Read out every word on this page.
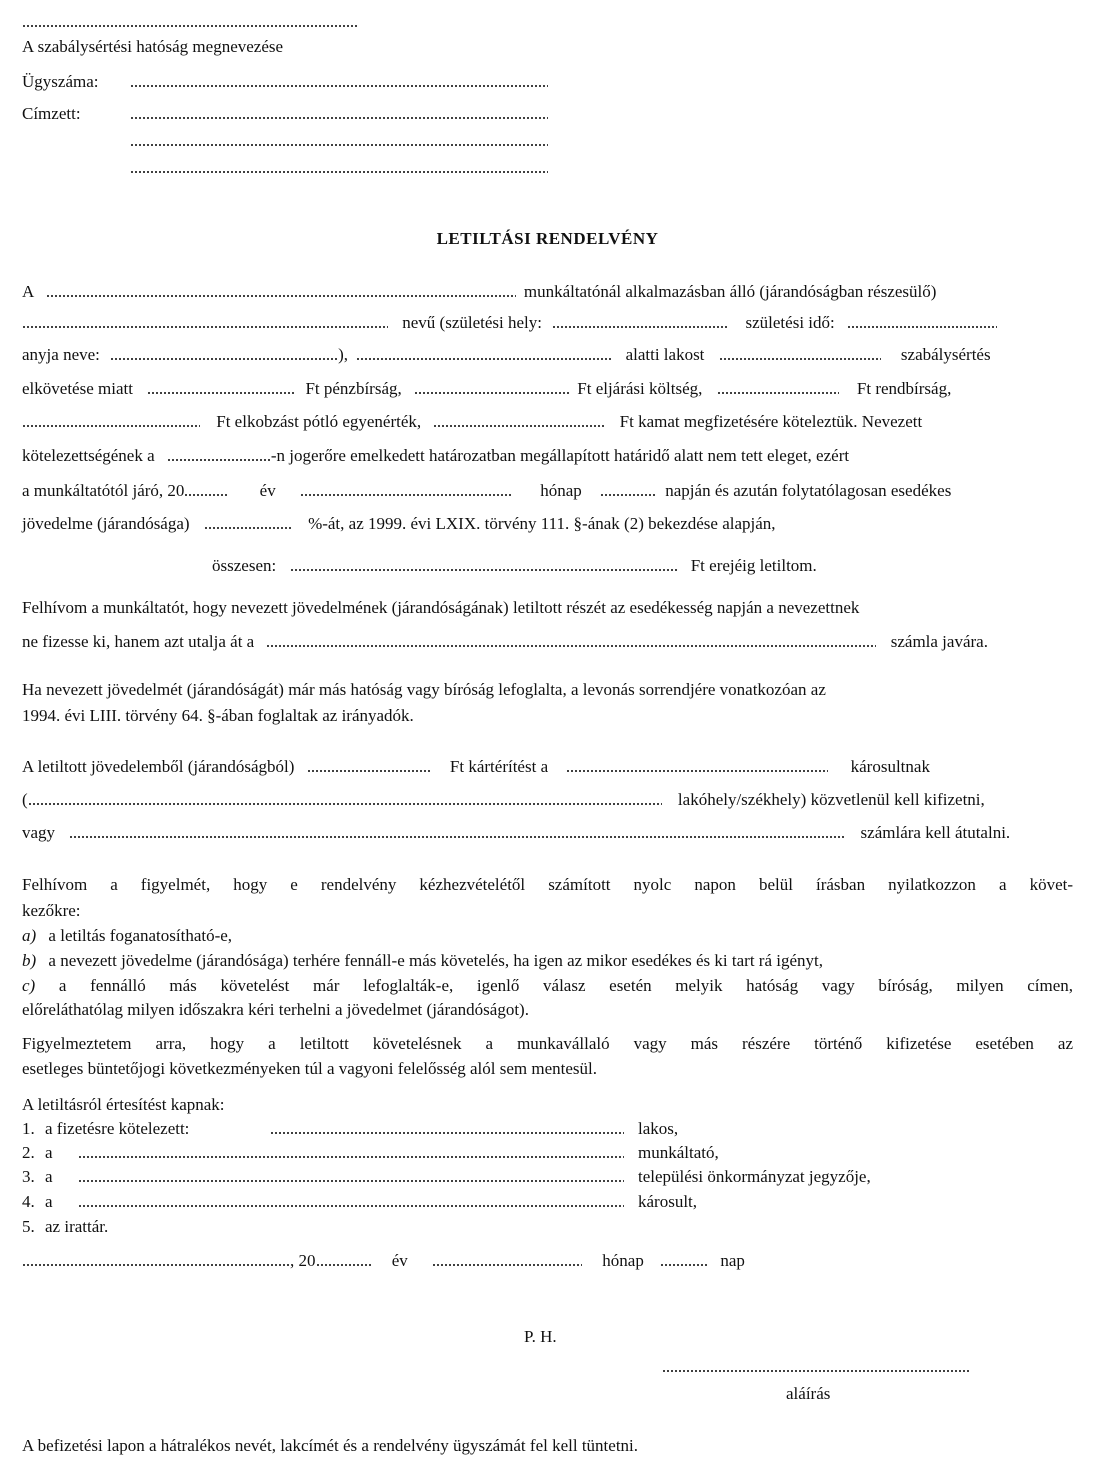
A szabálysértési hatóság megnevezése
Ügyszáma:
Címzett:
LETILTÁSI RENDELVÉNY
A	munkáltatónál alkalmazásban álló (járandóságban részesülő)
nevű (születési hely:	születési idő:
anyja neve:	),	alatti lakost	szabálysértés
elkövetése miatt	Ft pénzbírság,	Ft eljárási költség,	Ft rendbírság,
Ft elkobzást pótló egyenérték,	Ft kamat megfizetésére köteleztük. Nevezett
kötelezettségének a	-n jogerőre emelkedett határozatban megállapított határidő alatt nem tett eleget, ezért
a munkáltatótól járó, 20	év	hónap	napján és azután folytatólagosan esedékes
jövedelme (járandósága)	%-át, az 1999. évi LXIX. törvény 111. §-ának (2) bekezdése alapján,
összesen:	Ft erejéig letiltom.
Felhívom a munkáltatót, hogy nevezett jövedelmének (járandóságának) letiltott részét az esedékesség napján a nevezettnek
ne fizesse ki, hanem azt utalja át a	számla javára.
Ha nevezett jövedelmét (járandóságát) már más hatóság vagy bíróság lefoglalta, a levonás sorrendjére vonatkozóan az
1994. évi LIII. törvény 64. §-ában foglaltak az irányadók.
A letiltott jövedelemből (járandóságból)	Ft kártérítést a	károsultnak
(	lakóhely/székhely) közvetlenül kell kifizetni,
vagy	számlára kell átutalni.
Felhívom a figyelmét, hogy e rendelvény kézhezvételétől számított nyolc napon belül írásban nyilatkozzon a követ-
kezőkre:
a) a letiltás foganatosítható-e,
b) a nevezett jövedelme (járandósága) terhére fennáll-e más követelés, ha igen az mikor esedékes és ki tart rá igényt,
c) a fennálló más követelést már lefoglalták-e, igenlő válasz esetén melyik hatóság vagy bíróság, milyen címen,
előreláthatólag milyen időszakra kéri terhelni a jövedelmet (járandóságot).
Figyelmeztetem arra, hogy a letiltott követelésnek a munkavállaló vagy más részére történő kifizetése esetében az
esetleges büntetőjogi következményeken túl a vagyoni felelősség alól sem mentesül.
A letiltásról értesítést kapnak:
1. a fizetésre kötelezett:	lakos,
2. a	munkáltató,
3. a	települési önkormányzat jegyzője,
4. a	károsult,
5. az irattár.
, 20	év	hónap	nap
P. H.
aláírás
A befizetési lapon a hátralékos nevét, lakcímét és a rendelvény ügyszámát fel kell tüntetni.
